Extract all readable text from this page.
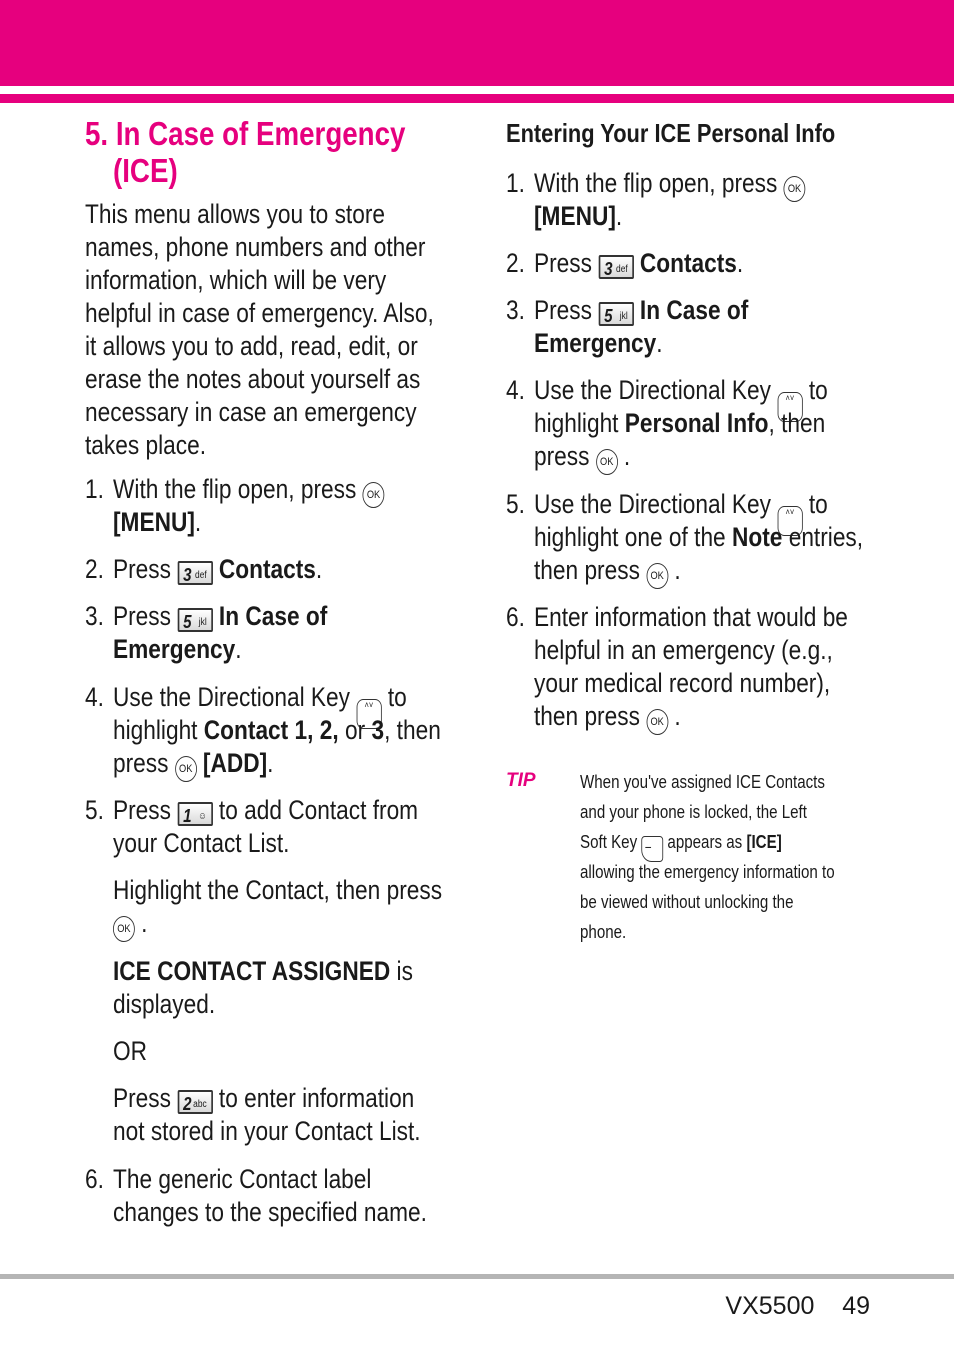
5. In Case of Emergency
(ICE)
This menu allows you to store
names, phone numbers and other
information, which will be very
helpful in case of emergency. Also,
it allows you to add, read, edit, or
erase the notes about yourself as
necessary in case an emergency
takes place.
1. With the flip open, press OK
[MENU].
2. Press 3 def Contacts.
3. Press 5 jkl In Case of
Emergency.
4. Use the Directional Key ˄˅ to
highlight Contact 1, 2, or 3, then
press OK [ADD].
5. Press 1 ☺ to add Contact from
your Contact List.
Highlight the Contact, then press
OK .
ICE CONTACT ASSIGNED is
displayed.
OR
Press 2 abc to enter information
not stored in your Contact List.
6. The generic Contact label
changes to the specified name.
Entering Your ICE Personal Info
1. With the flip open, press OK
[MENU].
2. Press 3 def Contacts.
3. Press 5 jkl In Case of
Emergency.
4. Use the Directional Key ˄˅ to
highlight Personal Info, then
press OK .
5. Use the Directional Key ˄˅ to
highlight one of the Note entries,
then press OK .
6. Enter information that would be
helpful in an emergency (e.g.,
your medical record number),
then press OK .
TIP When you've assigned ICE Contacts
and your phone is locked, the Left
Soft Key − appears as [ICE]
allowing the emergency information to
be viewed without unlocking the
phone.
VX5500 49
